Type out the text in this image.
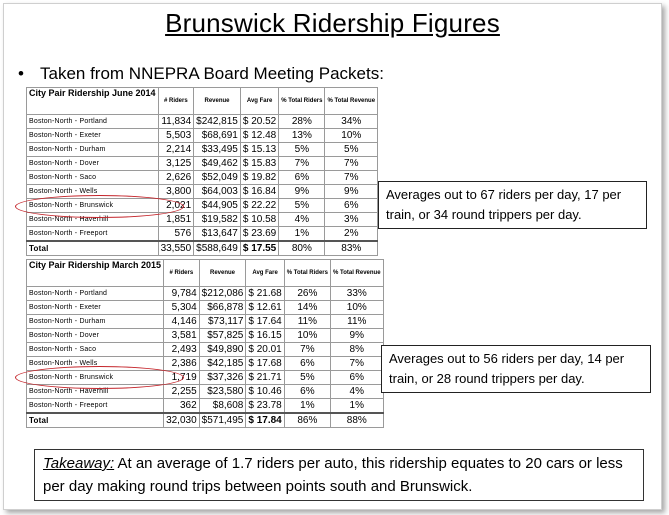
Brunswick Ridership Figures
• Taken from NNEPRA Board Meeting Packets:
City Pair Ridership June 2014	# Riders	Revenue	Avg Fare	% Total Riders	% Total Revenue
Boston-North - Portland	11,834	$242,815	$ 20.52	28%	34%
Boston-North - Exeter	5,503	$68,691	$ 12.48	13%	10%
Boston-North - Durham	2,214	$33,495	$ 15.13	5%	5%
Boston-North - Dover	3,125	$49,462	$ 15.83	7%	7%
Boston-North - Saco	2,626	$52,049	$ 19.82	6%	7%
Boston-North - Wells	3,800	$64,003	$ 16.84	9%	9%
Boston-North - Brunswick	2,021	$44,905	$ 22.22	5%	6%
Boston-North - Haverhill	1,851	$19,582	$ 10.58	4%	3%
Boston-North - Freeport	576	$13,647	$ 23.69	1%	2%
Total	33,550	$588,649	$ 17.55	80%	83%
City Pair Ridership March 2015	# Riders	Revenue	Avg Fare	% Total Riders	% Total Revenue
Boston-North - Portland	9,784	$212,086	$ 21.68	26%	33%
Boston-North - Exeter	5,304	$66,878	$ 12.61	14%	10%
Boston-North - Durham	4,146	$73,117	$ 17.64	11%	11%
Boston-North - Dover	3,581	$57,825	$ 16.15	10%	9%
Boston-North - Saco	2,493	$49,890	$ 20.01	7%	8%
Boston-North - Wells	2,386	$42,185	$ 17.68	6%	7%
Boston-North - Brunswick	1,719	$37,326	$ 21.71	5%	6%
Boston-North - Haverhill	2,255	$23,580	$ 10.46	6%	4%
Boston-North - Freeport	362	$8,608	$ 23.78	1%	1%
Total	32,030	$571,495	$ 17.84	86%	88%
Averages out to 67 riders per day, 17 per train, or 34 round trippers per day.
Averages out to 56 riders per day, 14 per train, or 28 round trippers per day.
Takeaway: At an average of 1.7 riders per auto, this ridership equates to 20 cars or less per day making round trips between points south and Brunswick.
